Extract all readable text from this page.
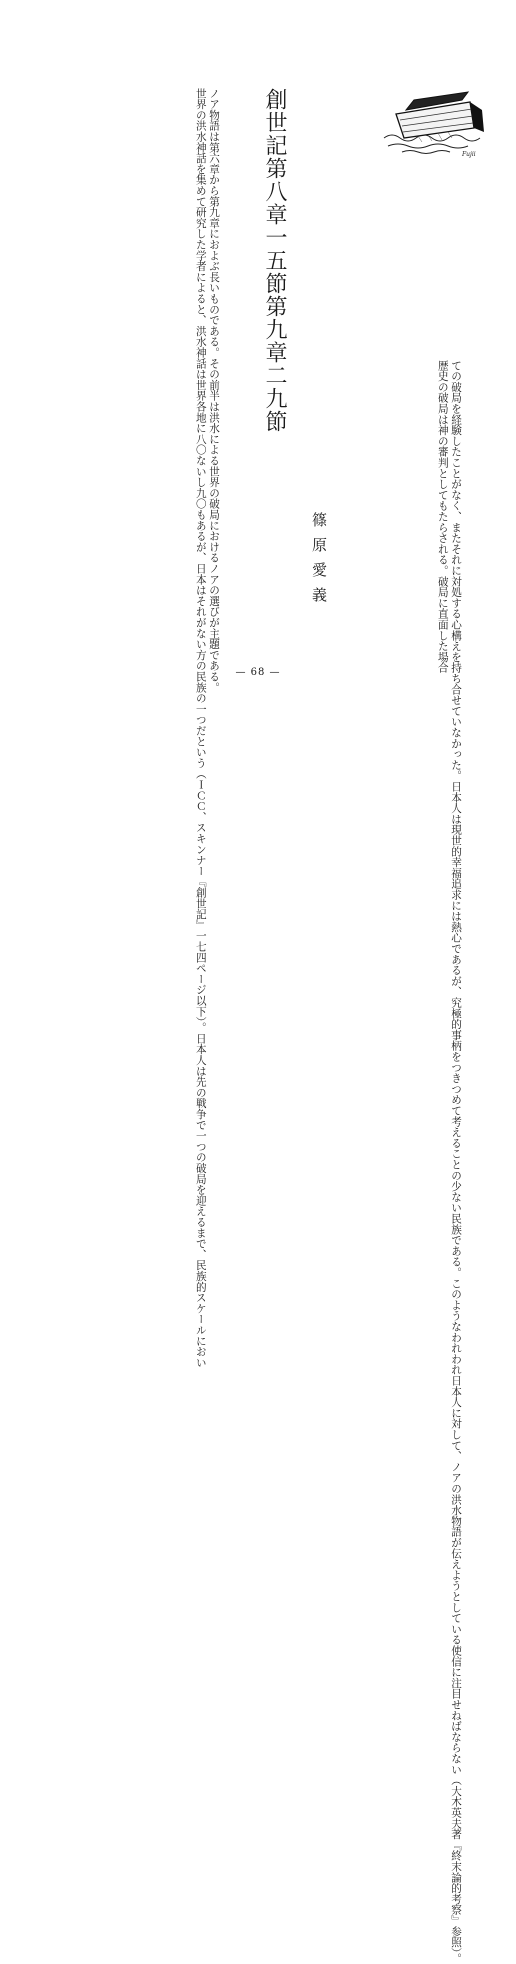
創世記第八章一五節第九章二九節
Fujii
ノア物語は第六章から第九章におよぶ長いものである。その前半は洪水による世界の破局におけるノアの選びが主題である。
世界の洪水神話を集めて研究した学者によると、洪水神話は世界各地に八〇ないし九〇もあるが、日本はそれがない方の民族の一つだという（ＩＣＣ、スキンナー『創世記』一七四ページ以下）。日本人は先の戦争で一つの破局を迎えるまで、民族的スケールにおい	ての破局を経験したことがなく、またそれに対処する心構えを持ち合せていなかった。日本人は現世的幸福追求には熱心であるが、究極的事柄をつきつめて考えることの少ない民族である。このようなわれわれ日本人に対して、ノアの洪水物語が伝えようとしている使信に注目せねばならない（大木英夫著『終末論的考察』参照）。
歴史の破局は神の審判としてもたらされる。破局に直面した場合
篠原愛義
— 68 —
